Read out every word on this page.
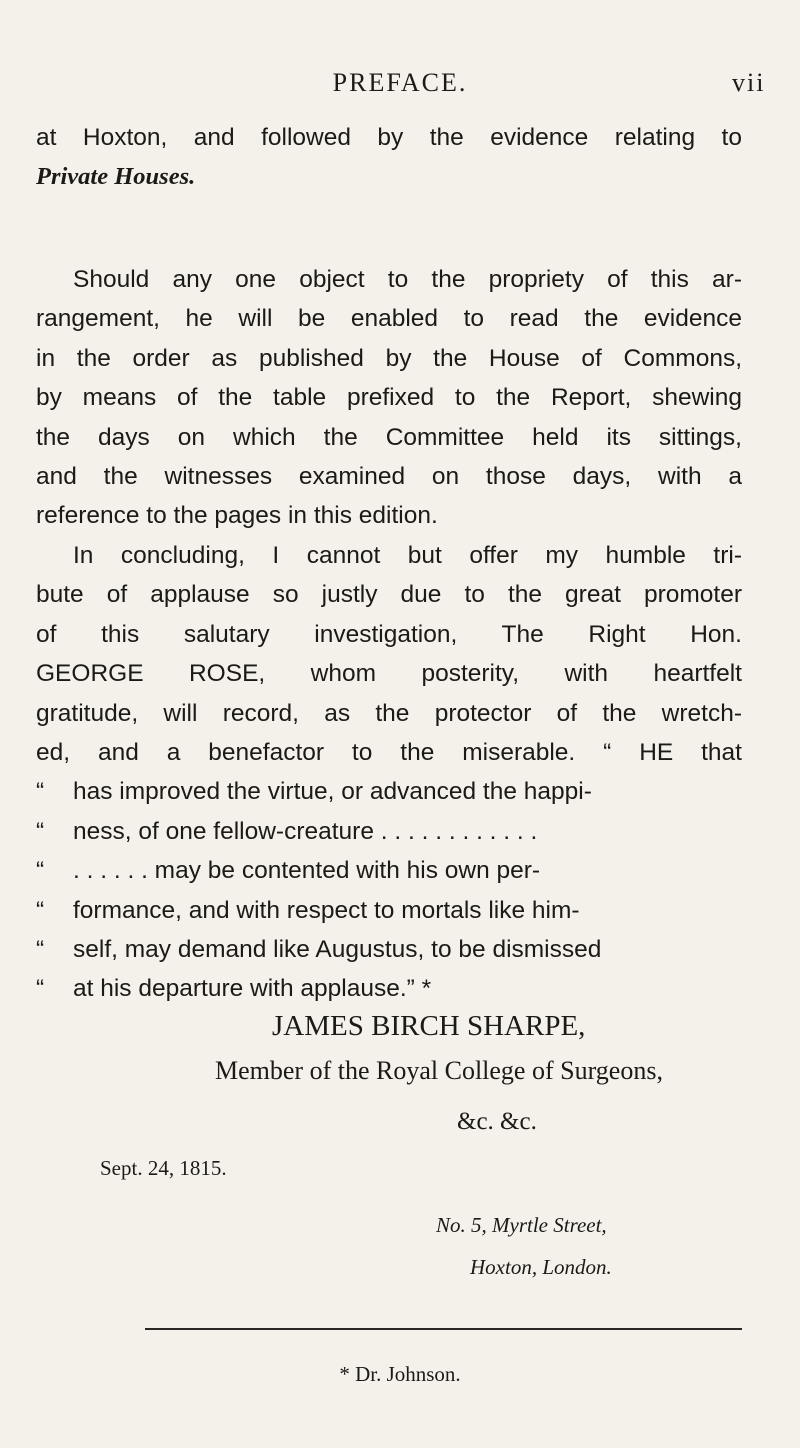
PREFACE.	vii
at Hoxton, and followed by the evidence relating to
Private Houses.
Should any one object to the propriety of this ar-
rangement, he will be enabled to read the evidence
in the order as published by the House of Commons,
by means of the table prefixed to the Report, shewing
the days on which the Committee held its sittings,
and the witnesses examined on those days, with a
reference to the pages in this edition.
In concluding, I cannot but offer my humble tri-
bute of applause so justly due to the great promoter
of this salutary investigation, The Right Hon.
GEORGE ROSE, whom posterity, with heartfelt
gratitude, will record, as the protector of the wretch-
ed, and a benefactor to the miserable. “ HE that
“ has improved the virtue, or advanced the happi-
“ ness, of one fellow-creature . . . . . . . . . . . .
“ . . . . . . may be contented with his own per-
“ formance, and with respect to mortals like him-
“ self, may demand like Augustus, to be dismissed
“ at his departure with applause.” *
JAMES BIRCH SHARPE,
Member of the Royal College of Surgeons,
&c. &c.
Sept. 24, 1815.
No. 5, Myrtle Street,
Hoxton, London.
* Dr. Johnson.
